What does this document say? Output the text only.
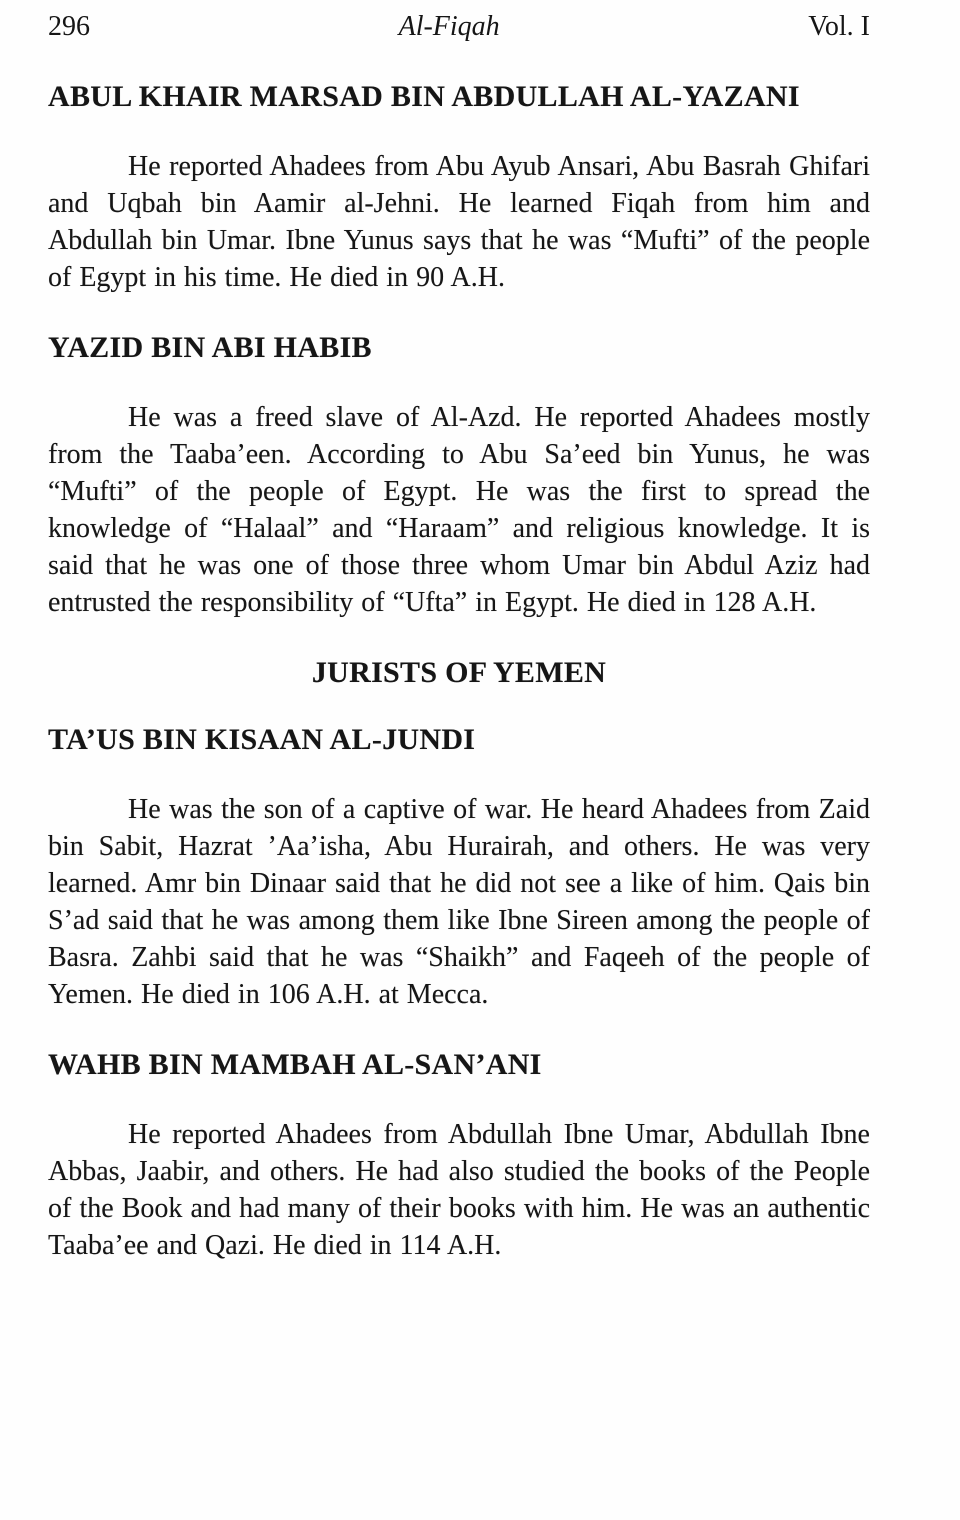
296	Al-Fiqah	Vol. I
ABUL KHAIR MARSAD BIN ABDULLAH AL-YAZANI

He reported Ahadees from Abu Ayub Ansari, Abu Basrah Ghifari and Uqbah bin Aamir al-Jehni. He learned Fiqah from him and Abdullah bin Umar. Ibne Yunus says that he was “Mufti” of the people of Egypt in his time. He died in 90 A.H.

YAZID BIN ABI HABIB

He was a freed slave of Al-Azd. He reported Ahadees mostly from the Taaba’een. According to Abu Sa’eed bin Yunus, he was “Mufti” of the people of Egypt. He was the first to spread the knowledge of “Halaal” and “Haraam” and religious knowledge. It is said that he was one of those three whom Umar bin Abdul Aziz had entrusted the responsibility of “Ufta” in Egypt. He died in 128 A.H.

JURISTS OF YEMEN
TA’US BIN KISAAN AL-JUNDI

He was the son of a captive of war. He heard Ahadees from Zaid bin Sabit, Hazrat ’Aa’isha, Abu Hurairah, and others. He was very learned. Amr bin Dinaar said that he did not see a like of him. Qais bin S’ad said that he was among them like Ibne Sireen among the people of Basra. Zahbi said that he was “Shaikh” and Faqeeh of the people of Yemen. He died in 106 A.H. at Mecca.

WAHB BIN MAMBAH AL-SAN’ANI

He reported Ahadees from Abdullah Ibne Umar, Abdullah Ibne Abbas, Jaabir, and others. He had also studied the books of the People of the Book and had many of their books with him. He was an authentic Taaba’ee and Qazi. He died in 114 A.H.
